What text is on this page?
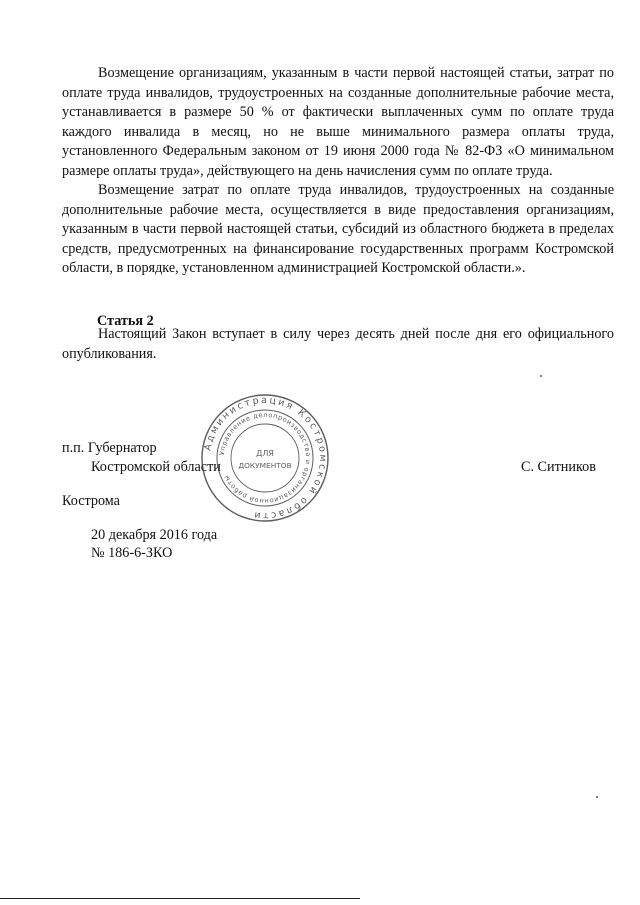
Возмещение организациям, указанным в части первой настоящей статьи, затрат по оплате труда инвалидов, трудоустроенных на созданные дополнительные рабочие места, устанавливается в размере 50 % от фактически выплаченных сумм по оплате труда каждого инвалида в месяц, но не выше минимального размера оплаты труда, установленного Федеральным законом от 19 июня 2000 года № 82-ФЗ «О минимальном размере оплаты труда», действующего на день начисления сумм по оплате труда.

Возмещение затрат по оплате труда инвалидов, трудоустроенных на созданные дополнительные рабочие места, осуществляется в виде предоставления организациям, указанным в части первой настоящей статьи, субсидий из областного бюджета в пределах средств, предусмотренных на финансирование государственных программ Костромской области, в порядке, установленном администрацией Костромской области.».

Статья 2
Настоящий Закон вступает в силу через десять дней после дня его официального опубликования.
п.п. Губернатор
Костромской области	С. Ситников
Кострома
20 декабря 2016 года
№ 186-6-ЗКО
Администрация Костромской области
Управление делопроизводства и организационной работы
ДЛЯ
ДОКУМЕНТОВ
